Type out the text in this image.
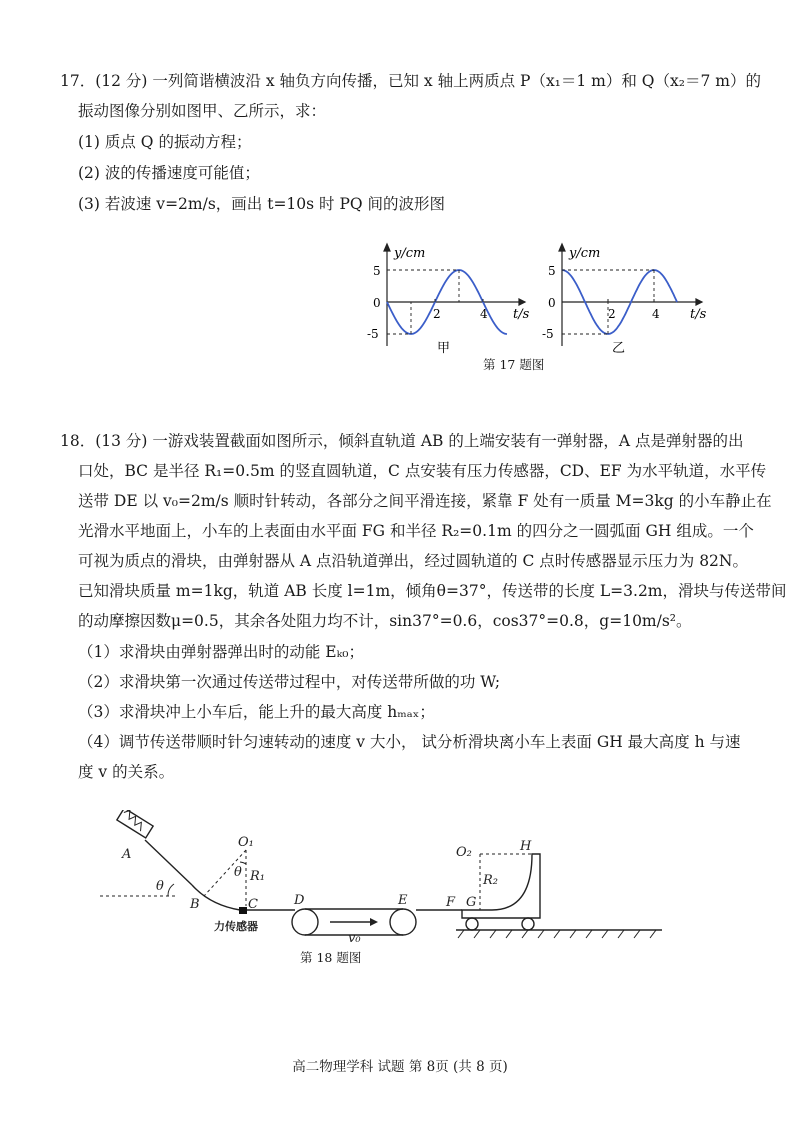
17．(12 分) 一列简谐横波沿 x 轴负方向传播，已知 x 轴上两质点 P（x₁＝1 m）和 Q（x₂＝7 m）的
振动图像分别如图甲、乙所示，求：
(1) 质点 Q 的振动方程；
(2) 波的传播速度可能值；
(3) 若波速 v=2m/s，画出 t=10s 时 PQ 间的波形图
y/cm
t/s
5
0
-5
2	4
甲
y/cm
t/s
5
0
-5
2	4
乙
第 17 题图
18．(13 分) 一游戏装置截面如图所示，倾斜直轨道 AB 的上端安装有一弹射器，A 点是弹射器的出
口处，BC 是半径 R₁=0.5m 的竖直圆轨道，C 点安装有压力传感器，CD、EF 为水平轨道，水平传
送带 DE 以 v₀=2m/s 顺时针转动，各部分之间平滑连接，紧靠 F 处有一质量 M=3kg 的小车静止在
光滑水平地面上，小车的上表面由水平面 FG 和半径 R₂=0.1m 的四分之一圆弧面 GH 组成。一个
可视为质点的滑块，由弹射器从 A 点沿轨道弹出，经过圆轨道的 C 点时传感器显示压力为 82N。
已知滑块质量 m=1kg，轨道 AB 长度 l=1m，倾角θ=37°，传送带的长度 L=3.2m，滑块与传送带间
的动摩擦因数μ=0.5，其余各处阻力均不计，sin37°=0.6，cos37°=0.8，g=10m/s²。
（1）求滑块由弹射器弹出时的动能 Eₖ₀；
（2）求滑块第一次通过传送带过程中，对传送带所做的功 W;
（3）求滑块冲上小车后，能上升的最大高度 hₘₐₓ；
（4）调节传送带顺时针匀速转动的速度 v 大小， 试分析滑块离小车上表面 GH 最大高度 h 与速
度 v 的关系。
A
B	C	D	E	F G
H
O₁
O₂
R₁	R₂
θ
θ
v₀
力传感器
第 18 题图
高二物理学科 试题 第 8页 (共 8 页)
